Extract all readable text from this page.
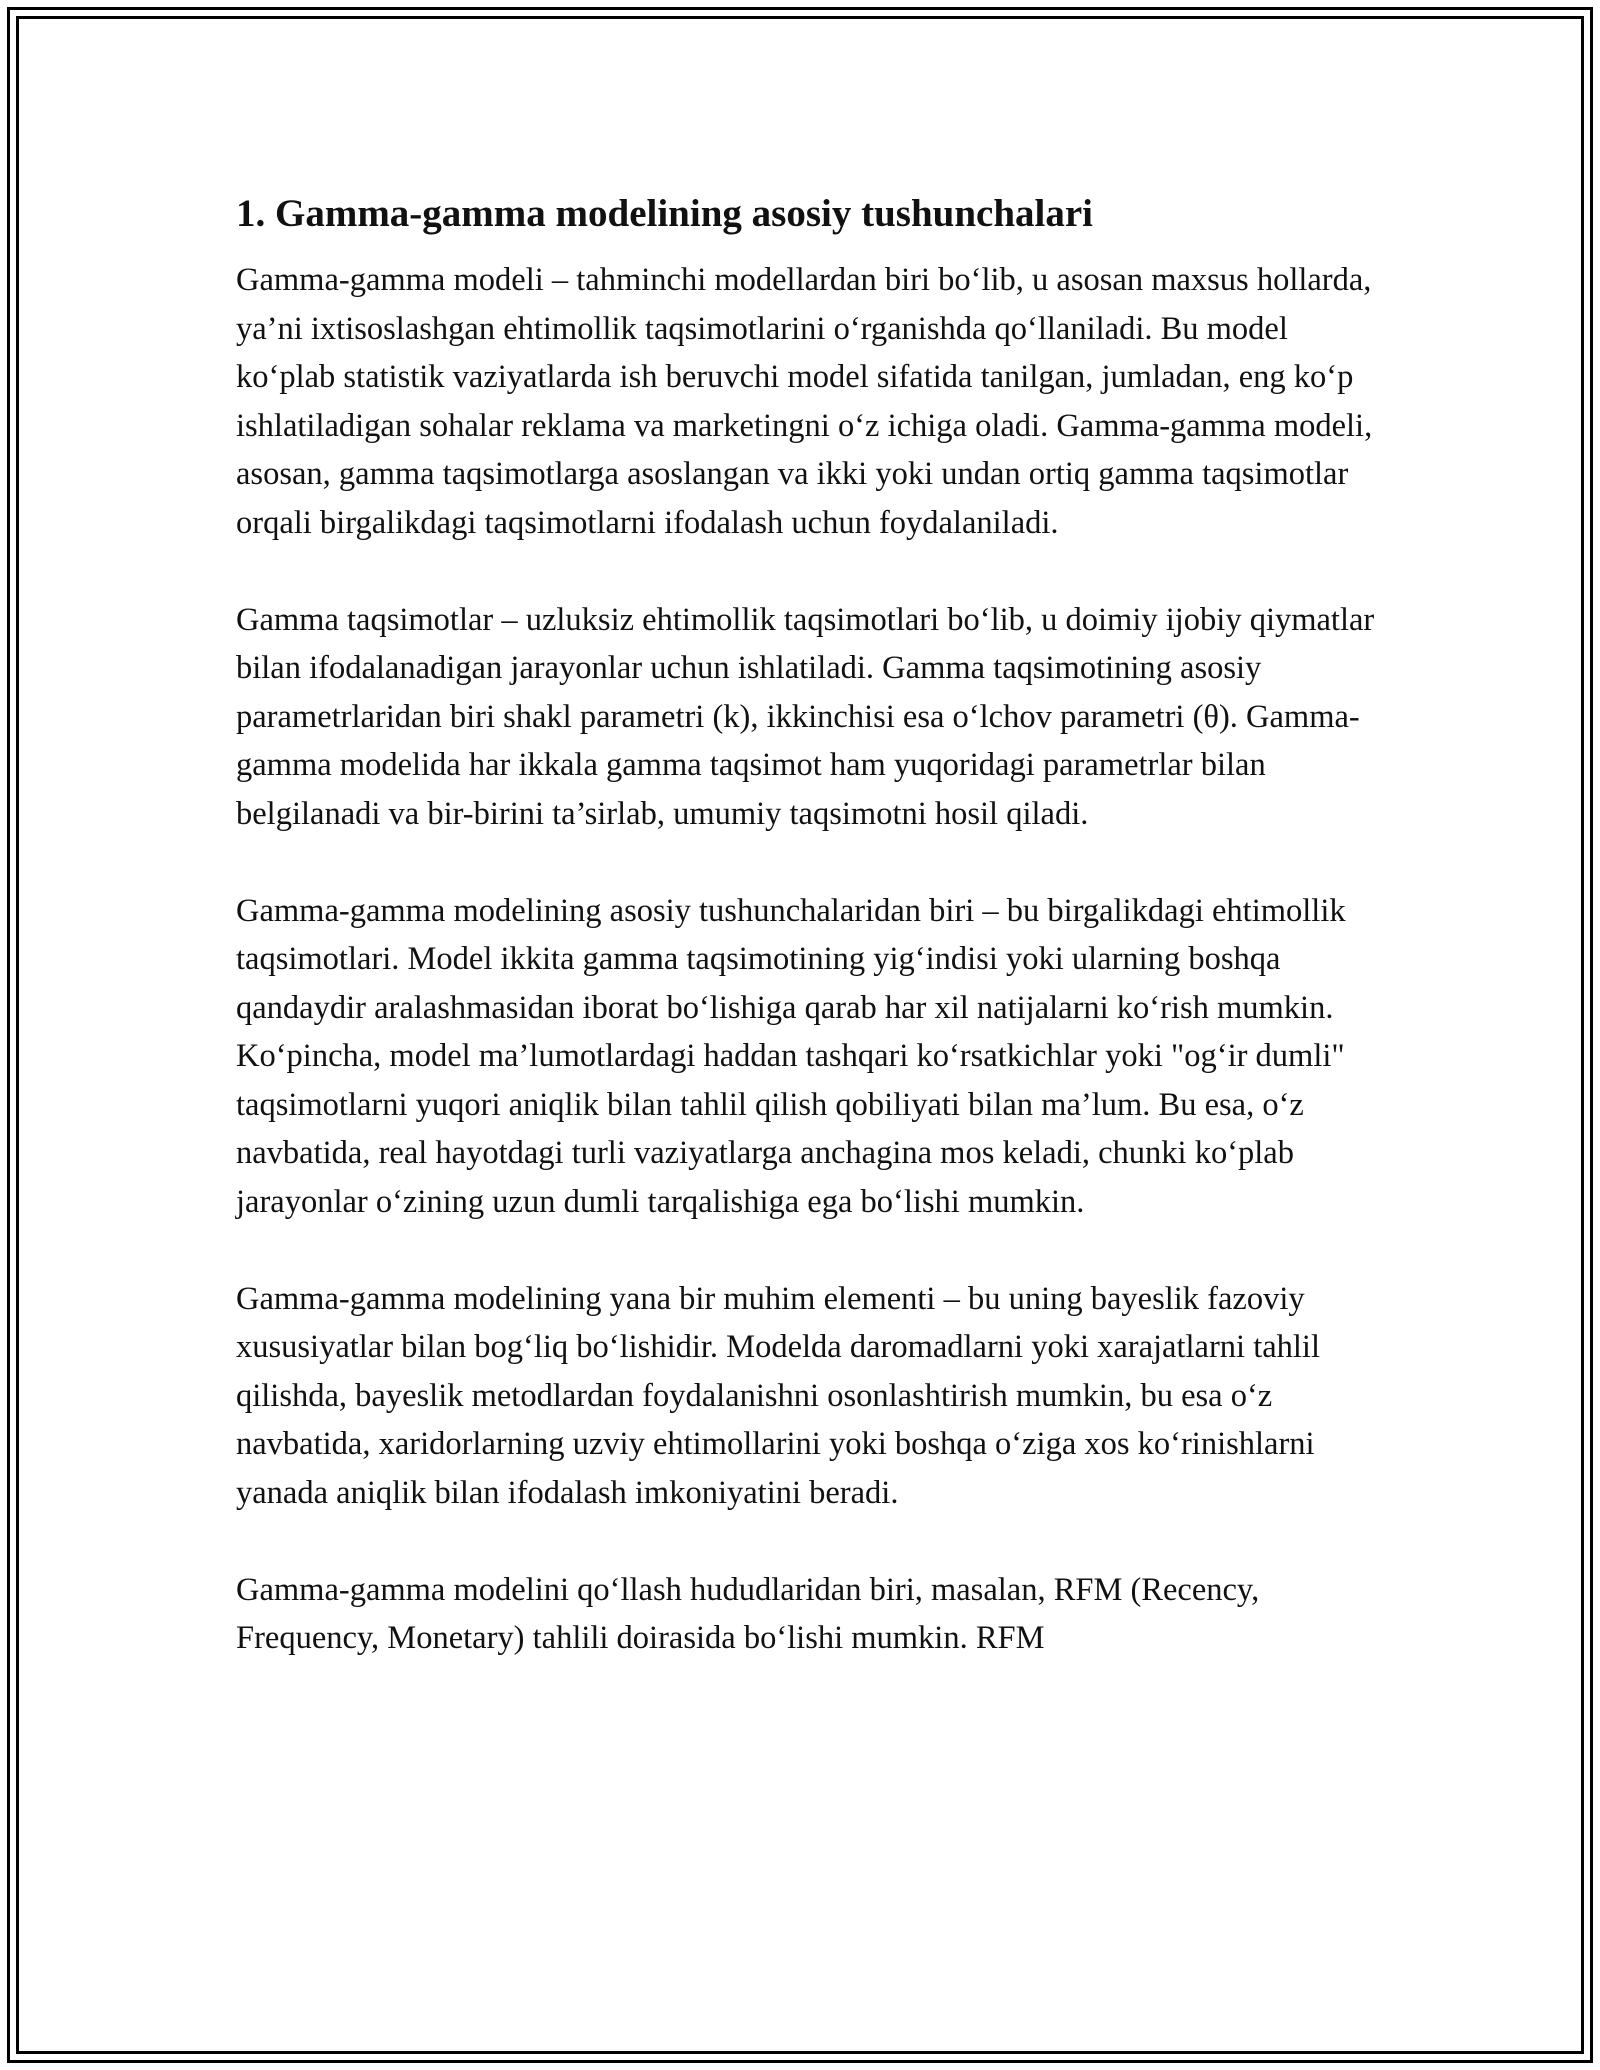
1. Gamma-gamma modelining asosiy tushunchalari

Gamma-gamma modeli – tahminchi modellardan biri bo‘lib, u asosan maxsus hollarda, ya’ni ixtisoslashgan ehtimollik taqsimotlarini o‘rganishda qo‘llaniladi. Bu model ko‘plab statistik vaziyatlarda ish beruvchi model sifatida tanilgan, jumladan, eng ko‘p ishlatiladigan sohalar reklama va marketingni o‘z ichiga oladi. Gamma-gamma modeli, asosan, gamma taqsimotlarga asoslangan va ikki yoki undan ortiq gamma taqsimotlar orqali birgalikdagi taqsimotlarni ifodalash uchun foydalaniladi.

Gamma taqsimotlar – uzluksiz ehtimollik taqsimotlari bo‘lib, u doimiy ijobiy qiymatlar bilan ifodalanadigan jarayonlar uchun ishlatiladi. Gamma taqsimotining asosiy parametrlaridan biri shakl parametri (k), ikkinchisi esa o‘lchov parametri (θ). Gamma-gamma modelida har ikkala gamma taqsimot ham yuqoridagi parametrlar bilan belgilanadi va bir-birini ta’sirlab, umumiy taqsimotni hosil qiladi.

Gamma-gamma modelining asosiy tushunchalaridan biri – bu birgalikdagi ehtimollik taqsimotlari. Model ikkita gamma taqsimotining yig‘indisi yoki ularning boshqa qandaydir aralashmasidan iborat bo‘lishiga qarab har xil natijalarni ko‘rish mumkin. Ko‘pincha, model ma’lumotlardagi haddan tashqari ko‘rsatkichlar yoki "og‘ir dumli" taqsimotlarni yuqori aniqlik bilan tahlil qilish qobiliyati bilan ma’lum. Bu esa, o‘z navbatida, real hayotdagi turli vaziyatlarga anchagina mos keladi, chunki ko‘plab jarayonlar o‘zining uzun dumli tarqalishiga ega bo‘lishi mumkin.

Gamma-gamma modelining yana bir muhim elementi – bu uning bayeslik fazoviy xususiyatlar bilan bog‘liq bo‘lishidir. Modelda daromadlarni yoki xarajatlarni tahlil qilishda, bayeslik metodlardan foydalanishni osonlashtirish mumkin, bu esa o‘z navbatida, xaridorlarning uzviy ehtimollarini yoki boshqa o‘ziga xos ko‘rinishlarni yanada aniqlik bilan ifodalash imkoniyatini beradi.

Gamma-gamma modelini qo‘llash hududlaridan biri, masalan, RFM (Recency, Frequency, Monetary) tahlili doirasida bo‘lishi mumkin. RFM
